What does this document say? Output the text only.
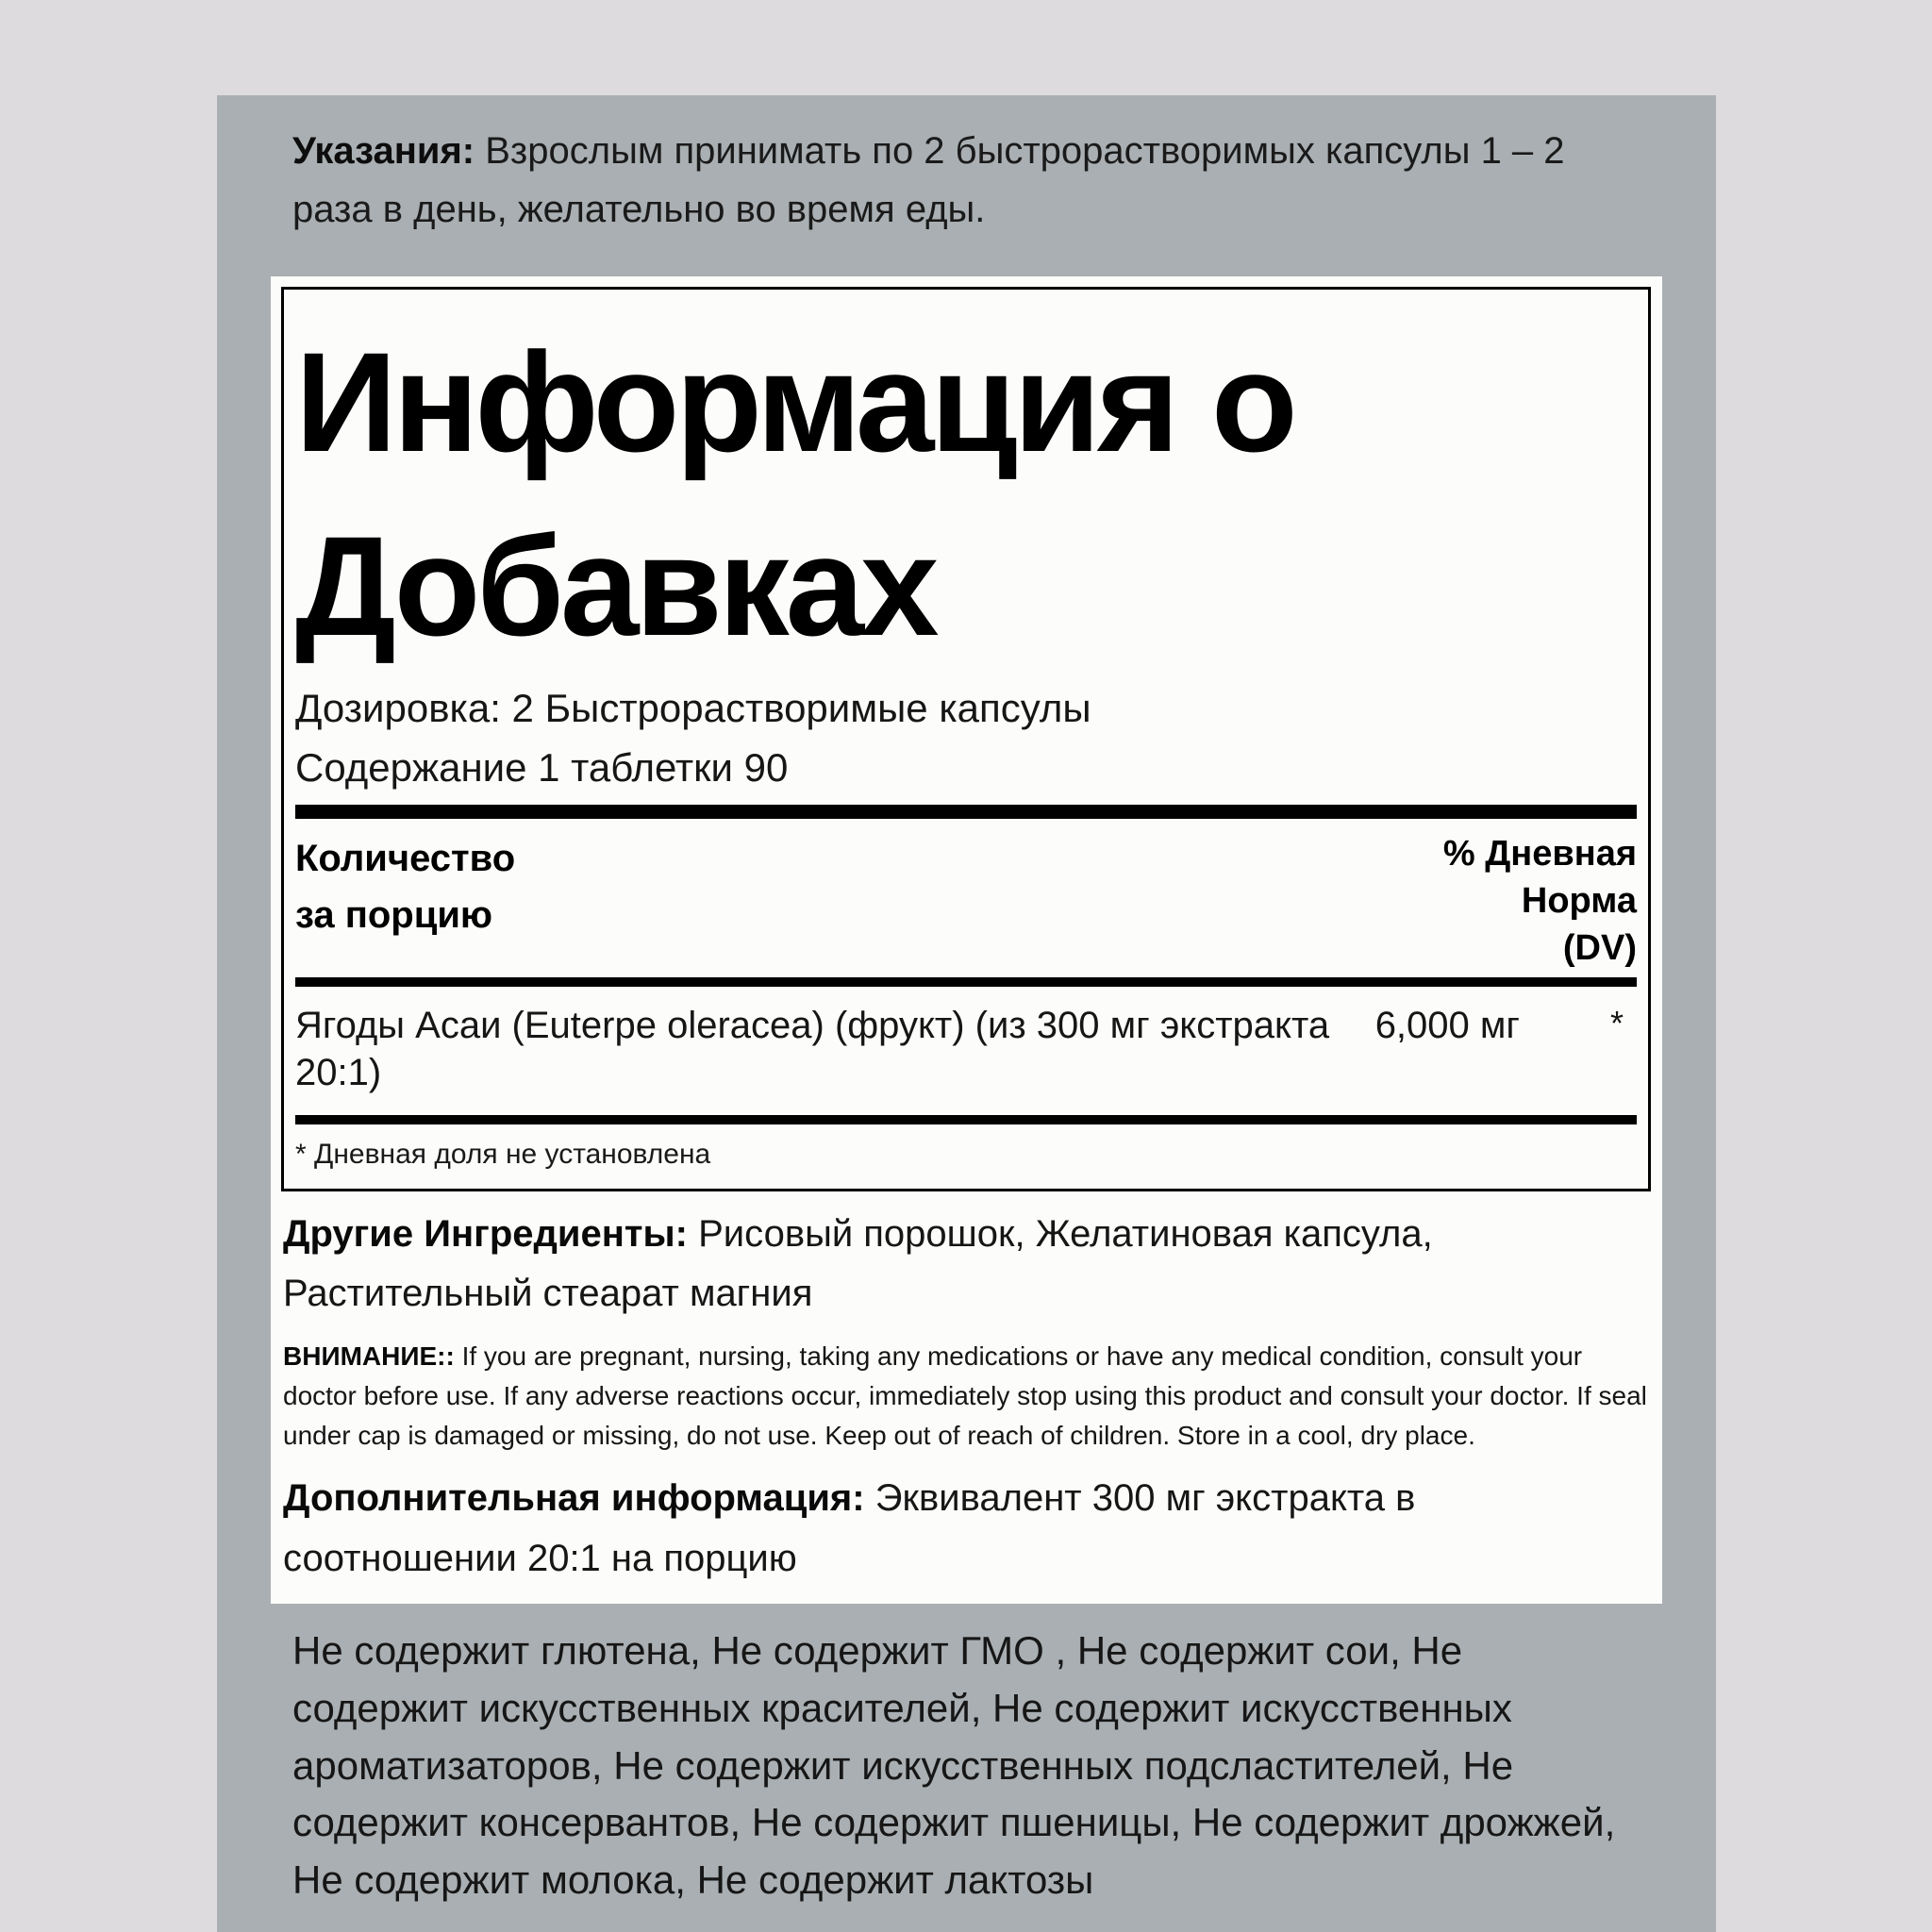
Указания: Взрослым принимать по 2 быстрорастворимых капсулы 1 – 2 раза в день, желательно во время еды.

Информация о
Добавках

Дозировка: 2 Быстрорастворимые капсулы

Содержание 1 таблетки 90

Количество
за порцию
% Дневная
Норма
(DV)
Ягоды Асаи (Euterpe oleracea) (фрукт) (из 300 мг экстракта 20:1)
6,000 мг	*

* Дневная доля не установлена

Другие Ингредиенты: Рисовый порошок, Желатиновая капсула, Растительный стеарат магния

ВНИМАНИЕ:: If you are pregnant, nursing, taking any medications or have any medical condition, consult your doctor before use. If any adverse reactions occur, immediately stop using this product and consult your doctor. If seal under cap is damaged or missing, do not use. Keep out of reach of children. Store in a cool, dry place.

Дополнительная информация: Эквивалент 300 мг экстракта в соотношении 20:1 на порцию

Не содержит глютена, Не содержит ГМО , Не содержит сои, Не содержит искусственных красителей, Не содержит искусственных ароматизаторов, Не содержит искусственных подсластителей, Не содержит консервантов, Не содержит пшеницы, Не содержит дрожжей, Не содержит молока, Не содержит лактозы
